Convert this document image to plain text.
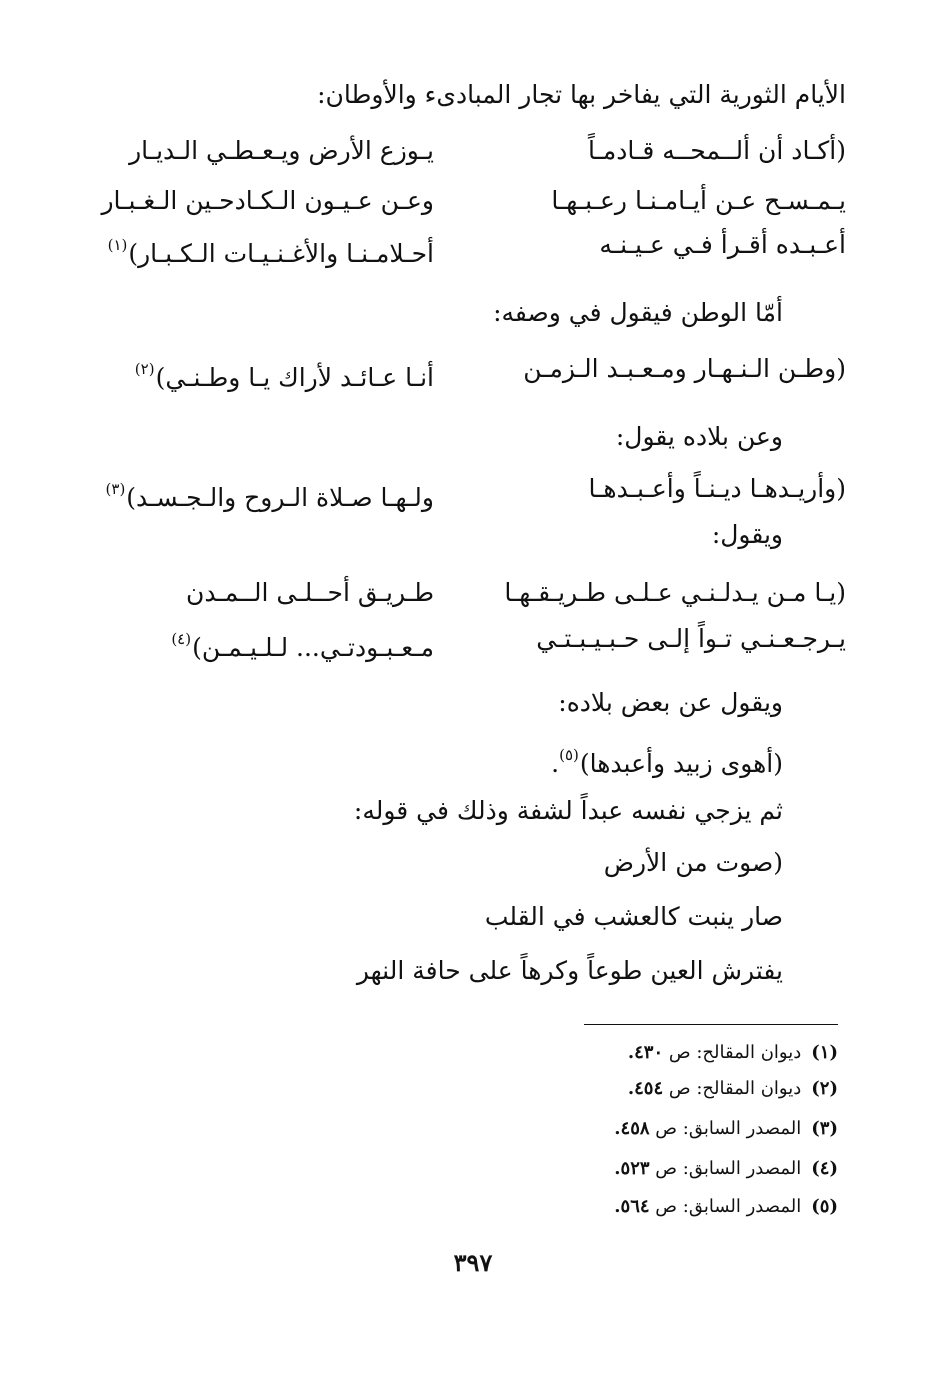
الأيام الثورية التي يفاخر بها تجار المبادىء والأوطان:
(أكـاد أن ألــمحــه قـادمـاً
يـوزع الأرض ويـعـطـي الـديـار
يـمـسـح عـن أيـامـنـا رعـبـهـا
وعـن عـيـون الـكـادحـين الـغـبـار
أعـبـده أقـرأ فـي عـيـنـه
أحـلامـنـا والأغـنـيـات الـكـبـار)$^{(١)}$
أمّا الوطن فيقول في وصفه:
(وطـن الـنـهـار ومـعـبـد الـزمـن
أنـا عـائـد لأراك يـا وطـنـي)$^{(٢)}$
وعن بلاده يقول:
(وأريـدهـا ديـنـاً وأعـبـدهـا
ولـهـا صـلاة الـروح والـجـسـد)$^{(٣)}$
ويقول:
(يـا مـن يـدلـنـي عـلـى طـريـقـهـا
طـريـق أحــلـى الــمـدن
يـرجـعـنـي تـواً إلـى حـبـيـبـتـي
مـعـبـودتـي... لـلـيـمـن)$^{(٤)}$
ويقول عن بعض بلاده:
(أهوى زبيد وأعبدها)$^{(٥)}$.
ثم يزجي نفسه عبداً لشفة وذلك في قوله:
(صوت من الأرض
صار ينبت كالعشب في القلب
يفترش العين طوعاً وكرهاً على حافة النهر
(١)ديوان المقالح: ص ٤٣٠.
(٢)ديوان المقالح: ص ٤٥٤.
(٣)المصدر السابق: ص ٤٥٨.
(٤)المصدر السابق: ص ٥٢٣.
(٥)المصدر السابق: ص ٥٦٤.
٣٩٧
